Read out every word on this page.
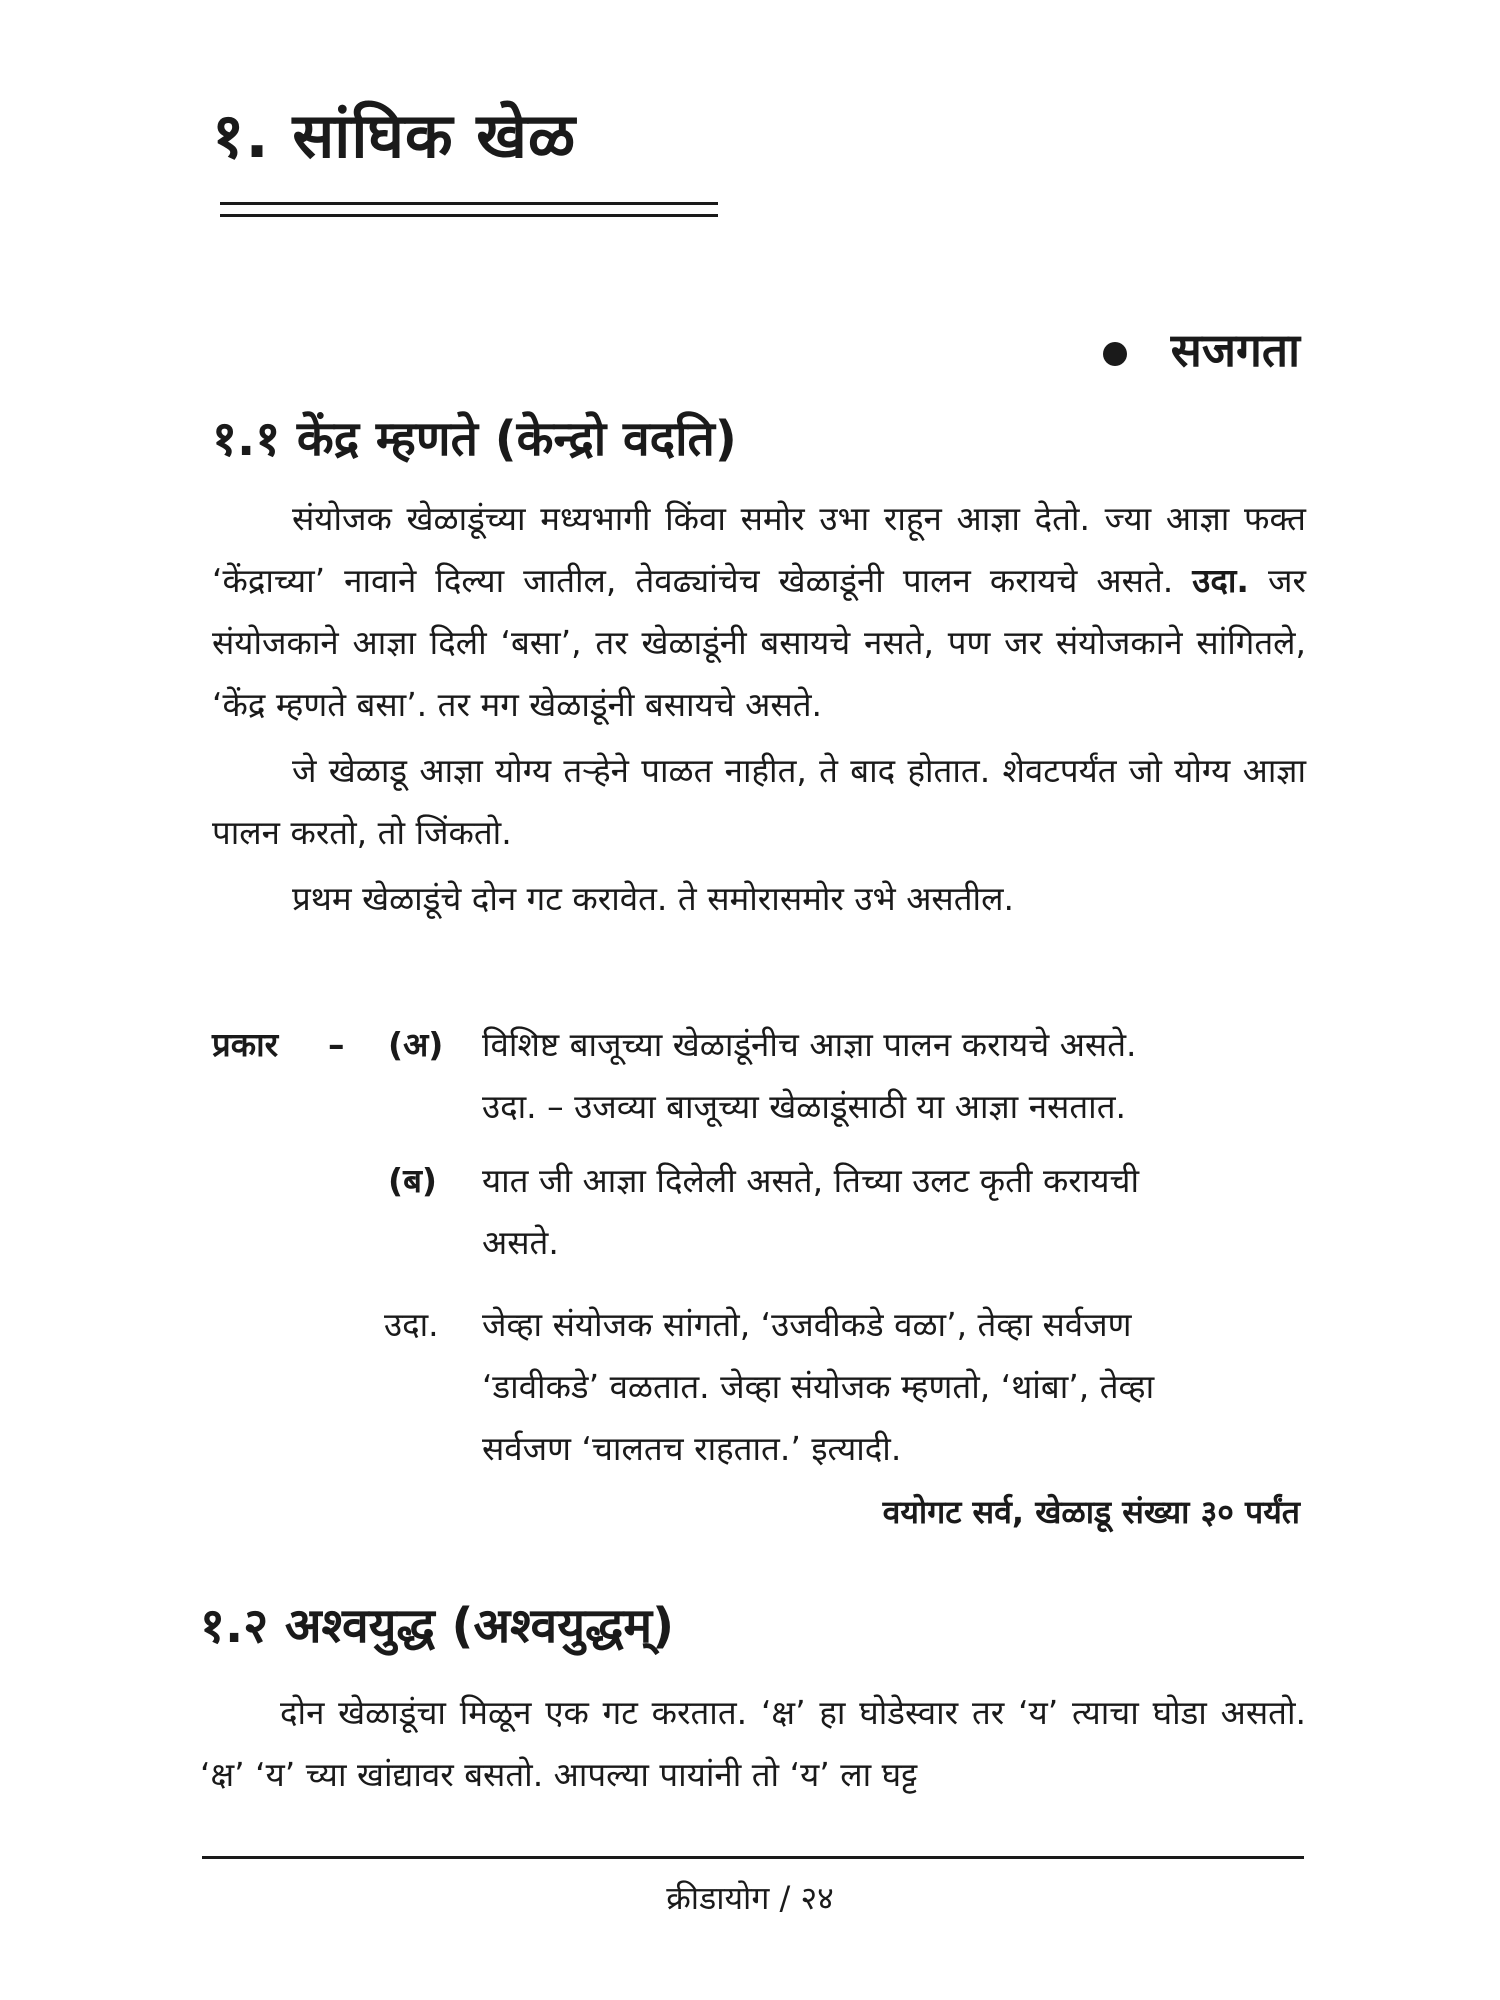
१. सांघिक खेळ
सजगता
१.१ केंद्र म्हणते (केन्द्रो वदति)

संयोजक खेळाडूंच्या मध्यभागी किंवा समोर उभा राहून आज्ञा देतो. ज्या आज्ञा फक्त ‘केंद्राच्या’ नावाने दिल्या जातील, तेवढ्यांचेच खेळाडूंनी पालन करायचे असते. उदा. जर संयोजकाने आज्ञा दिली ‘बसा’, तर खेळाडूंनी बसायचे नसते, पण जर संयोजकाने सांगितले, ‘केंद्र म्हणते बसा’. तर मग खेळाडूंनी बसायचे असते.

जे खेळाडू आज्ञा योग्य तऱ्हेने पाळत नाहीत, ते बाद होतात. शेवटपर्यंत जो योग्य आज्ञा पालन करतो, तो जिंकतो.

प्रथम खेळाडूंचे दोन गट करावेत. ते समोरासमोर उभे असतील.

प्रकार – (अ) विशिष्ट बाजूच्या खेळाडूंनीच आज्ञा पालन करायचे असते.
उदा. – उजव्या बाजूच्या खेळाडूंसाठी या आज्ञा नसतात.
(ब) यात जी आज्ञा दिलेली असते, तिच्या उलट कृती करायची
असते.
उदा. जेव्हा संयोजक सांगतो, ‘उजवीकडे वळा’, तेव्हा सर्वजण
‘डावीकडे’ वळतात. जेव्हा संयोजक म्हणतो, ‘थांबा’, तेव्हा
सर्वजण ‘चालतच राहतात.’ इत्यादी.
वयोगट सर्व, खेळाडू संख्या ३० पर्यंत
१.२ अश्वयुद्ध (अश्वयुद्धम्)

दोन खेळाडूंचा मिळून एक गट करतात. ‘क्ष’ हा घोडेस्वार तर ‘य’ त्याचा घोडा असतो. ‘क्ष’ ‘य’ च्या खांद्यावर बसतो. आपल्या पायांनी तो ‘य’ ला घट्ट

क्रीडायोग / २४
